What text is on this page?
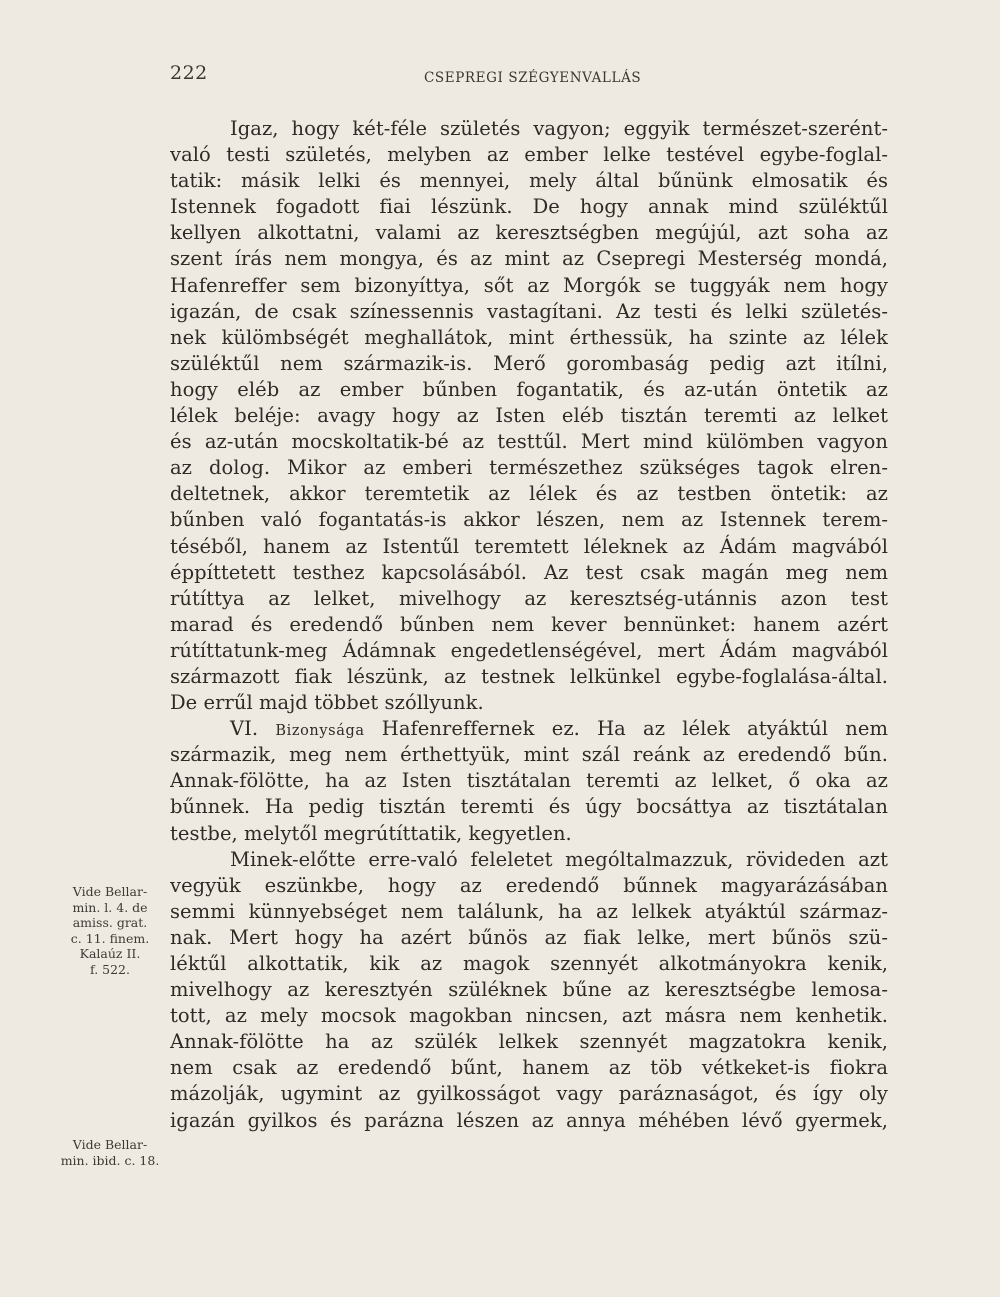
222	CSEPREGI SZÉGYENVALLÁS
Igaz, hogy két-féle születés vagyon; eggyik természet-szerént-
való testi születés, melyben az ember lelke testével egybe-foglal-
tatik: másik lelki és mennyei, mely által bűnünk elmosatik és
Istennek fogadott fiai lészünk. De hogy annak mind szüléktűl
kellyen alkottatni, valami az keresztségben megújúl, azt soha az
szent írás nem mongya, és az mint az Csepregi Mesterség mondá,
Hafenreffer sem bizonyíttya, sőt az Morgók se tuggyák nem hogy
igazán, de csak színessennis vastagítani. Az testi és lelki születés-
nek külömbségét meghallátok, mint érthessük, ha szinte az lélek
szüléktűl nem származik-is. Merő gorombaság pedig azt itílni,
hogy eléb az ember bűnben fogantatik, és az-után öntetik az
lélek beléje: avagy hogy az Isten eléb tisztán teremti az lelket
és az-után mocskoltatik-bé az testtűl. Mert mind külömben vagyon
az dolog. Mikor az emberi természethez szükséges tagok elren-
deltetnek, akkor teremtetik az lélek és az testben öntetik: az
bűnben való fogantatás-is akkor lészen, nem az Istennek terem-
téséből, hanem az Istentűl teremtett léleknek az Ádám magvából
éppíttetett testhez kapcsolásából. Az test csak magán meg nem
rútíttya az lelket, mivelhogy az keresztség-utánnis azon test
marad és eredendő bűnben nem kever bennünket: hanem azért
rútíttatunk-meg Ádámnak engedetlenségével, mert Ádám magvából
származott fiak lészünk, az testnek lelkünkel egybe-foglalása-által.
De errűl majd többet szóllyunk.
VI. Bizonysága Hafenreffernek ez. Ha az lélek atyáktúl nem
származik, meg nem érthettyük, mint szál reánk az eredendő bűn.
Annak-fölötte, ha az Isten tisztátalan teremti az lelket, ő oka az
bűnnek. Ha pedig tisztán teremti és úgy bocsáttya az tisztátalan
testbe, melytől megrútíttatik, kegyetlen.
Minek-előtte erre-való feleletet mególtalmazzuk, rövideden azt
vegyük eszünkbe, hogy az eredendő bűnnek magyarázásában
semmi künnyebséget nem találunk, ha az lelkek atyáktúl származ-
nak. Mert hogy ha azért bűnös az fiak lelke, mert bűnös szü-
léktűl alkottatik, kik az magok szennyét alkotmányokra kenik,
mivelhogy az keresztyén szüléknek bűne az keresztségbe lemosa-
tott, az mely mocsok magokban nincsen, azt másra nem kenhetik.
Annak-fölötte ha az szülék lelkek szennyét magzatokra kenik,
nem csak az eredendő bűnt, hanem az töb vétkeket-is fiokra
mázolják, ugymint az gyilkosságot vagy paráznaságot, és így oly
igazán gyilkos és parázna lészen az annya méhében lévő gyermek,
Vide Bellar-
min. l. 4. de
amiss. grat.
c. 11. finem.
Kalaúz II.
f. 522.
Vide Bellar-
min. ibid. c. 18.
